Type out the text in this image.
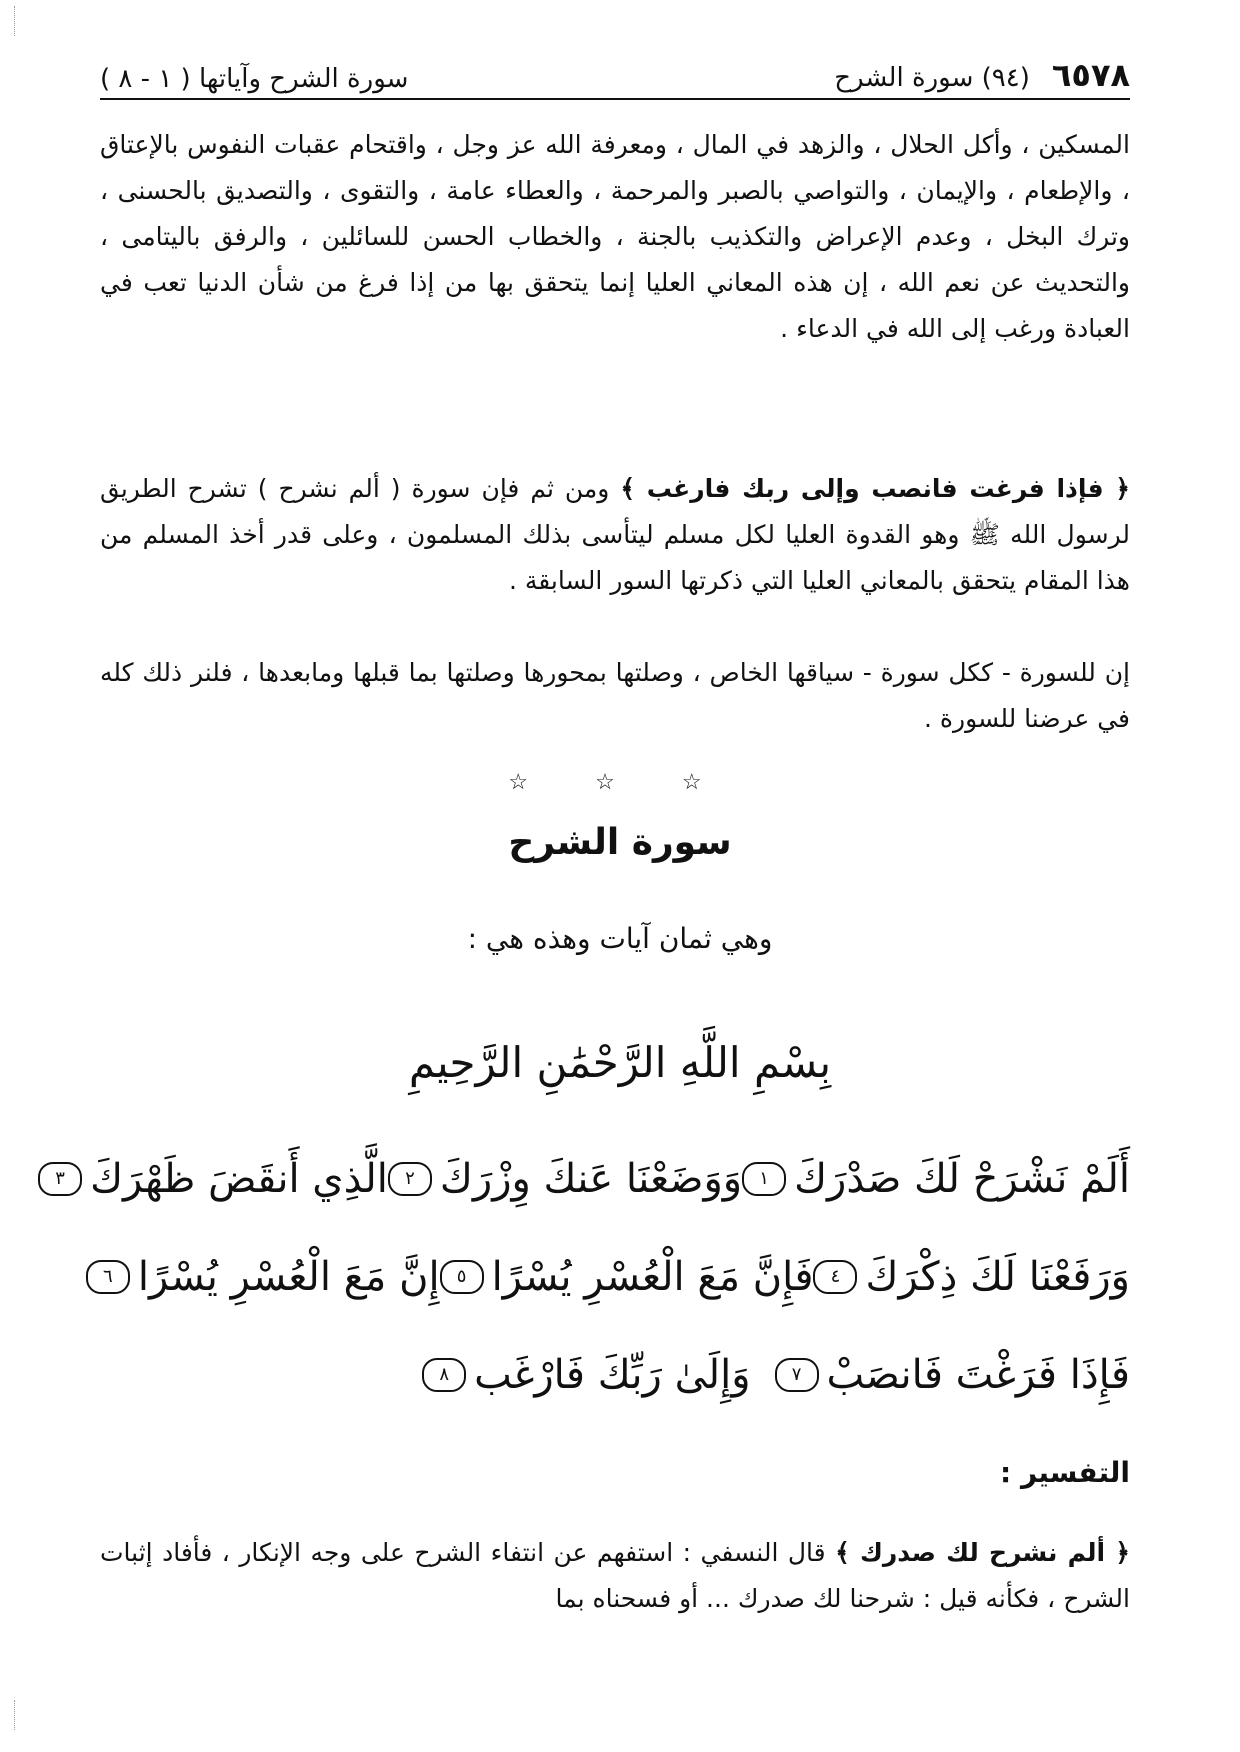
٦٥٧٨
(٩٤) سورة الشرح
سورة الشرح وآياتها ( ١ - ٨ )
المسكين ، وأكل الحلال ، والزهد في المال ، ومعرفة الله عز وجل ، واقتحام عقبات النفوس بالإعتاق ، والإطعام ، والإيمان ، والتواصي بالصبر والمرحمة ، والعطاء عامة ، والتقوى ، والتصديق بالحسنى ، وترك البخل ، وعدم الإعراض والتكذيب بالجنة ، والخطاب الحسن للسائلين ، والرفق باليتامى ، والتحديث عن نعم الله ، إن هذه المعاني العليا إنما يتحقق بها من إذا فرغ من شأن الدنيا تعب في العبادة ورغب إلى الله في الدعاء .
﴿ فإذا فرغت فانصب وإلى ربك فارغب ﴾ ومن ثم فإن سورة ( ألم نشرح ) تشرح الطريق لرسول الله ﷺ وهو القدوة العليا لكل مسلم ليتأسى بذلك المسلمون ، وعلى قدر أخذ المسلم من هذا المقام يتحقق بالمعاني العليا التي ذكرتها السور السابقة .
إن للسورة - ككل سورة - سياقها الخاص ، وصلتها بمحورها وصلتها بما قبلها ومابعدها ، فلنر ذلك كله في عرضنا للسورة .
☆ ☆ ☆
سورة الشرح
وهي ثمان آيات وهذه هي :
بِسْمِ اللَّهِ الرَّحْمَٰنِ الرَّحِيمِ
أَلَمْ نَشْرَحْ لَكَ صَدْرَكَ
١
وَوَضَعْنَا عَنكَ وِزْرَكَ
٢
الَّذِي أَنقَضَ ظَهْرَكَ
٣
وَرَفَعْنَا لَكَ ذِكْرَكَ
٤
فَإِنَّ مَعَ الْعُسْرِ يُسْرًا
٥
إِنَّ مَعَ الْعُسْرِ يُسْرًا
٦
فَإِذَا فَرَغْتَ فَانصَبْ
٧
وَإِلَىٰ رَبِّكَ فَارْغَب
٨
التفسير :
﴿ ألم نشرح لك صدرك ﴾ قال النسفي : استفهم عن انتفاء الشرح على وجه الإنكار ، فأفاد إثبات الشرح ، فكأنه قيل : شرحنا لك صدرك ... أو فسحناه بما
